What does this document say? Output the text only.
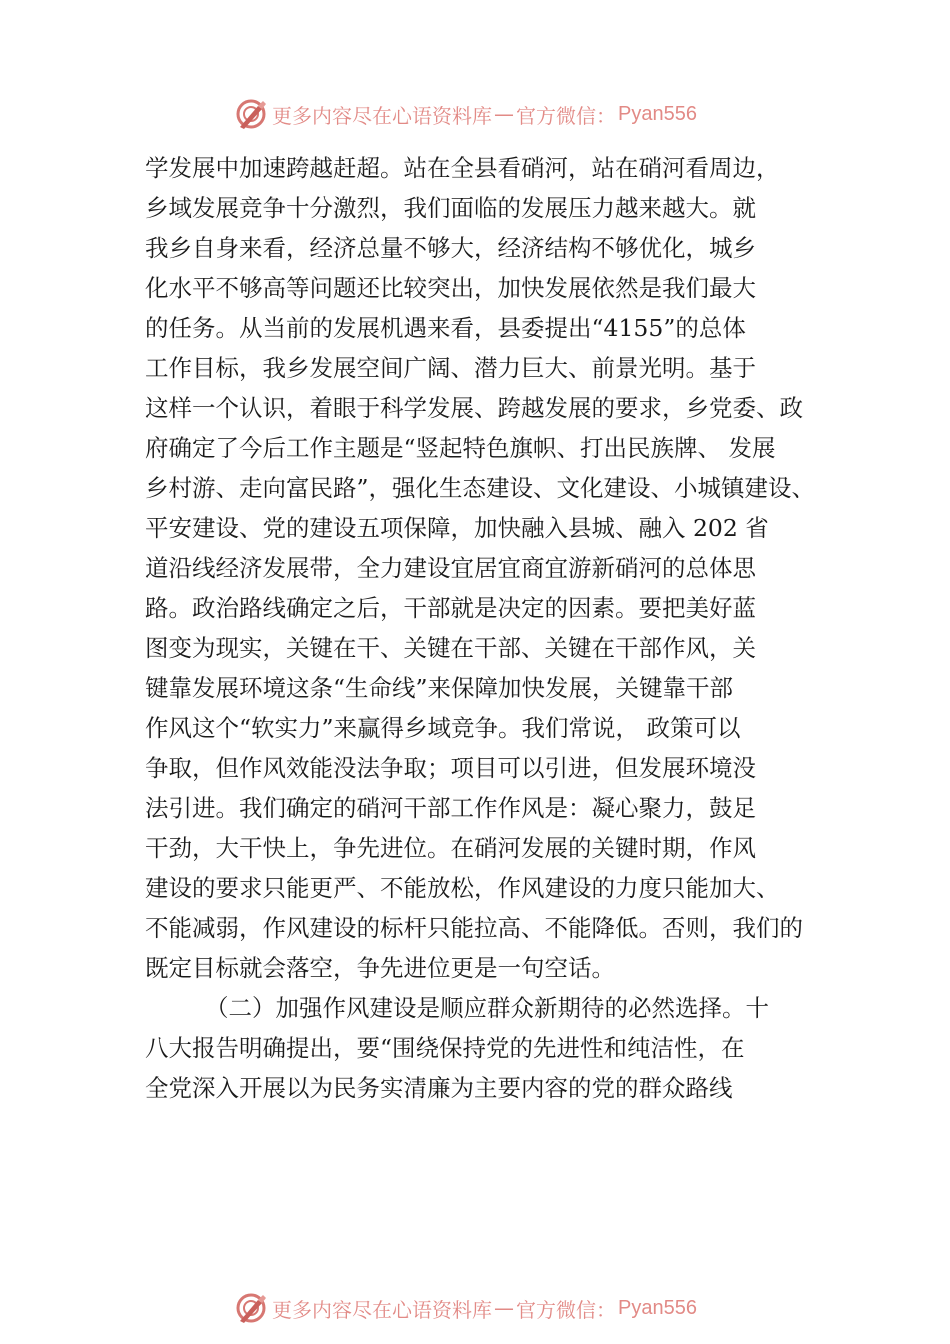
更多内容尽在心语资料库 — 官方微信： Pyan556
学发展中加速跨越赶超。站在全县看硝河，站在硝河看周边，
乡域发展竞争十分激烈，我们面临的发展压力越来越大。就
我乡自身来看，经济总量不够大，经济结构不够优化，城乡
化水平不够高等问题还比较突出，加快发展依然是我们最大
的任务。从当前的发展机遇来看，县委提出“4155”的总体
工作目标，我乡发展空间广阔、潜力巨大、前景光明。基于
这样一个认识，着眼于科学发展、跨越发展的要求，乡党委、政
府确定了今后工作主题是“竖起特色旗帜、打出民族牌、 发展
乡村游、走向富民路”，强化生态建设、文化建设、小城镇建设、
平安建设、党的建设五项保障，加快融入县城、融入 202 省
道沿线经济发展带，全力建设宜居宜商宜游新硝河的总体思
路。政治路线确定之后，干部就是决定的因素。要把美好蓝
图变为现实，关键在干、关键在干部、关键在干部作风，关
键靠发展环境这条“生命线”来保障加快发展，关键靠干部
作风这个“软实力”来赢得乡域竞争。我们常说， 政策可以
争取，但作风效能没法争取；项目可以引进，但发展环境没
法引进。我们确定的硝河干部工作作风是：凝心聚力，鼓足
干劲，大干快上，争先进位。在硝河发展的关键时期，作风
建设的要求只能更严、不能放松，作风建设的力度只能加大、
不能减弱，作风建设的标杆只能拉高、不能降低。否则，我们的
既定目标就会落空，争先进位更是一句空话。
（二）加强作风建设是顺应群众新期待的必然选择。十
八大报告明确提出，要“围绕保持党的先进性和纯洁性，在
全党深入开展以为民务实清廉为主要内容的党的群众路线
更多内容尽在心语资料库 — 官方微信： Pyan556
